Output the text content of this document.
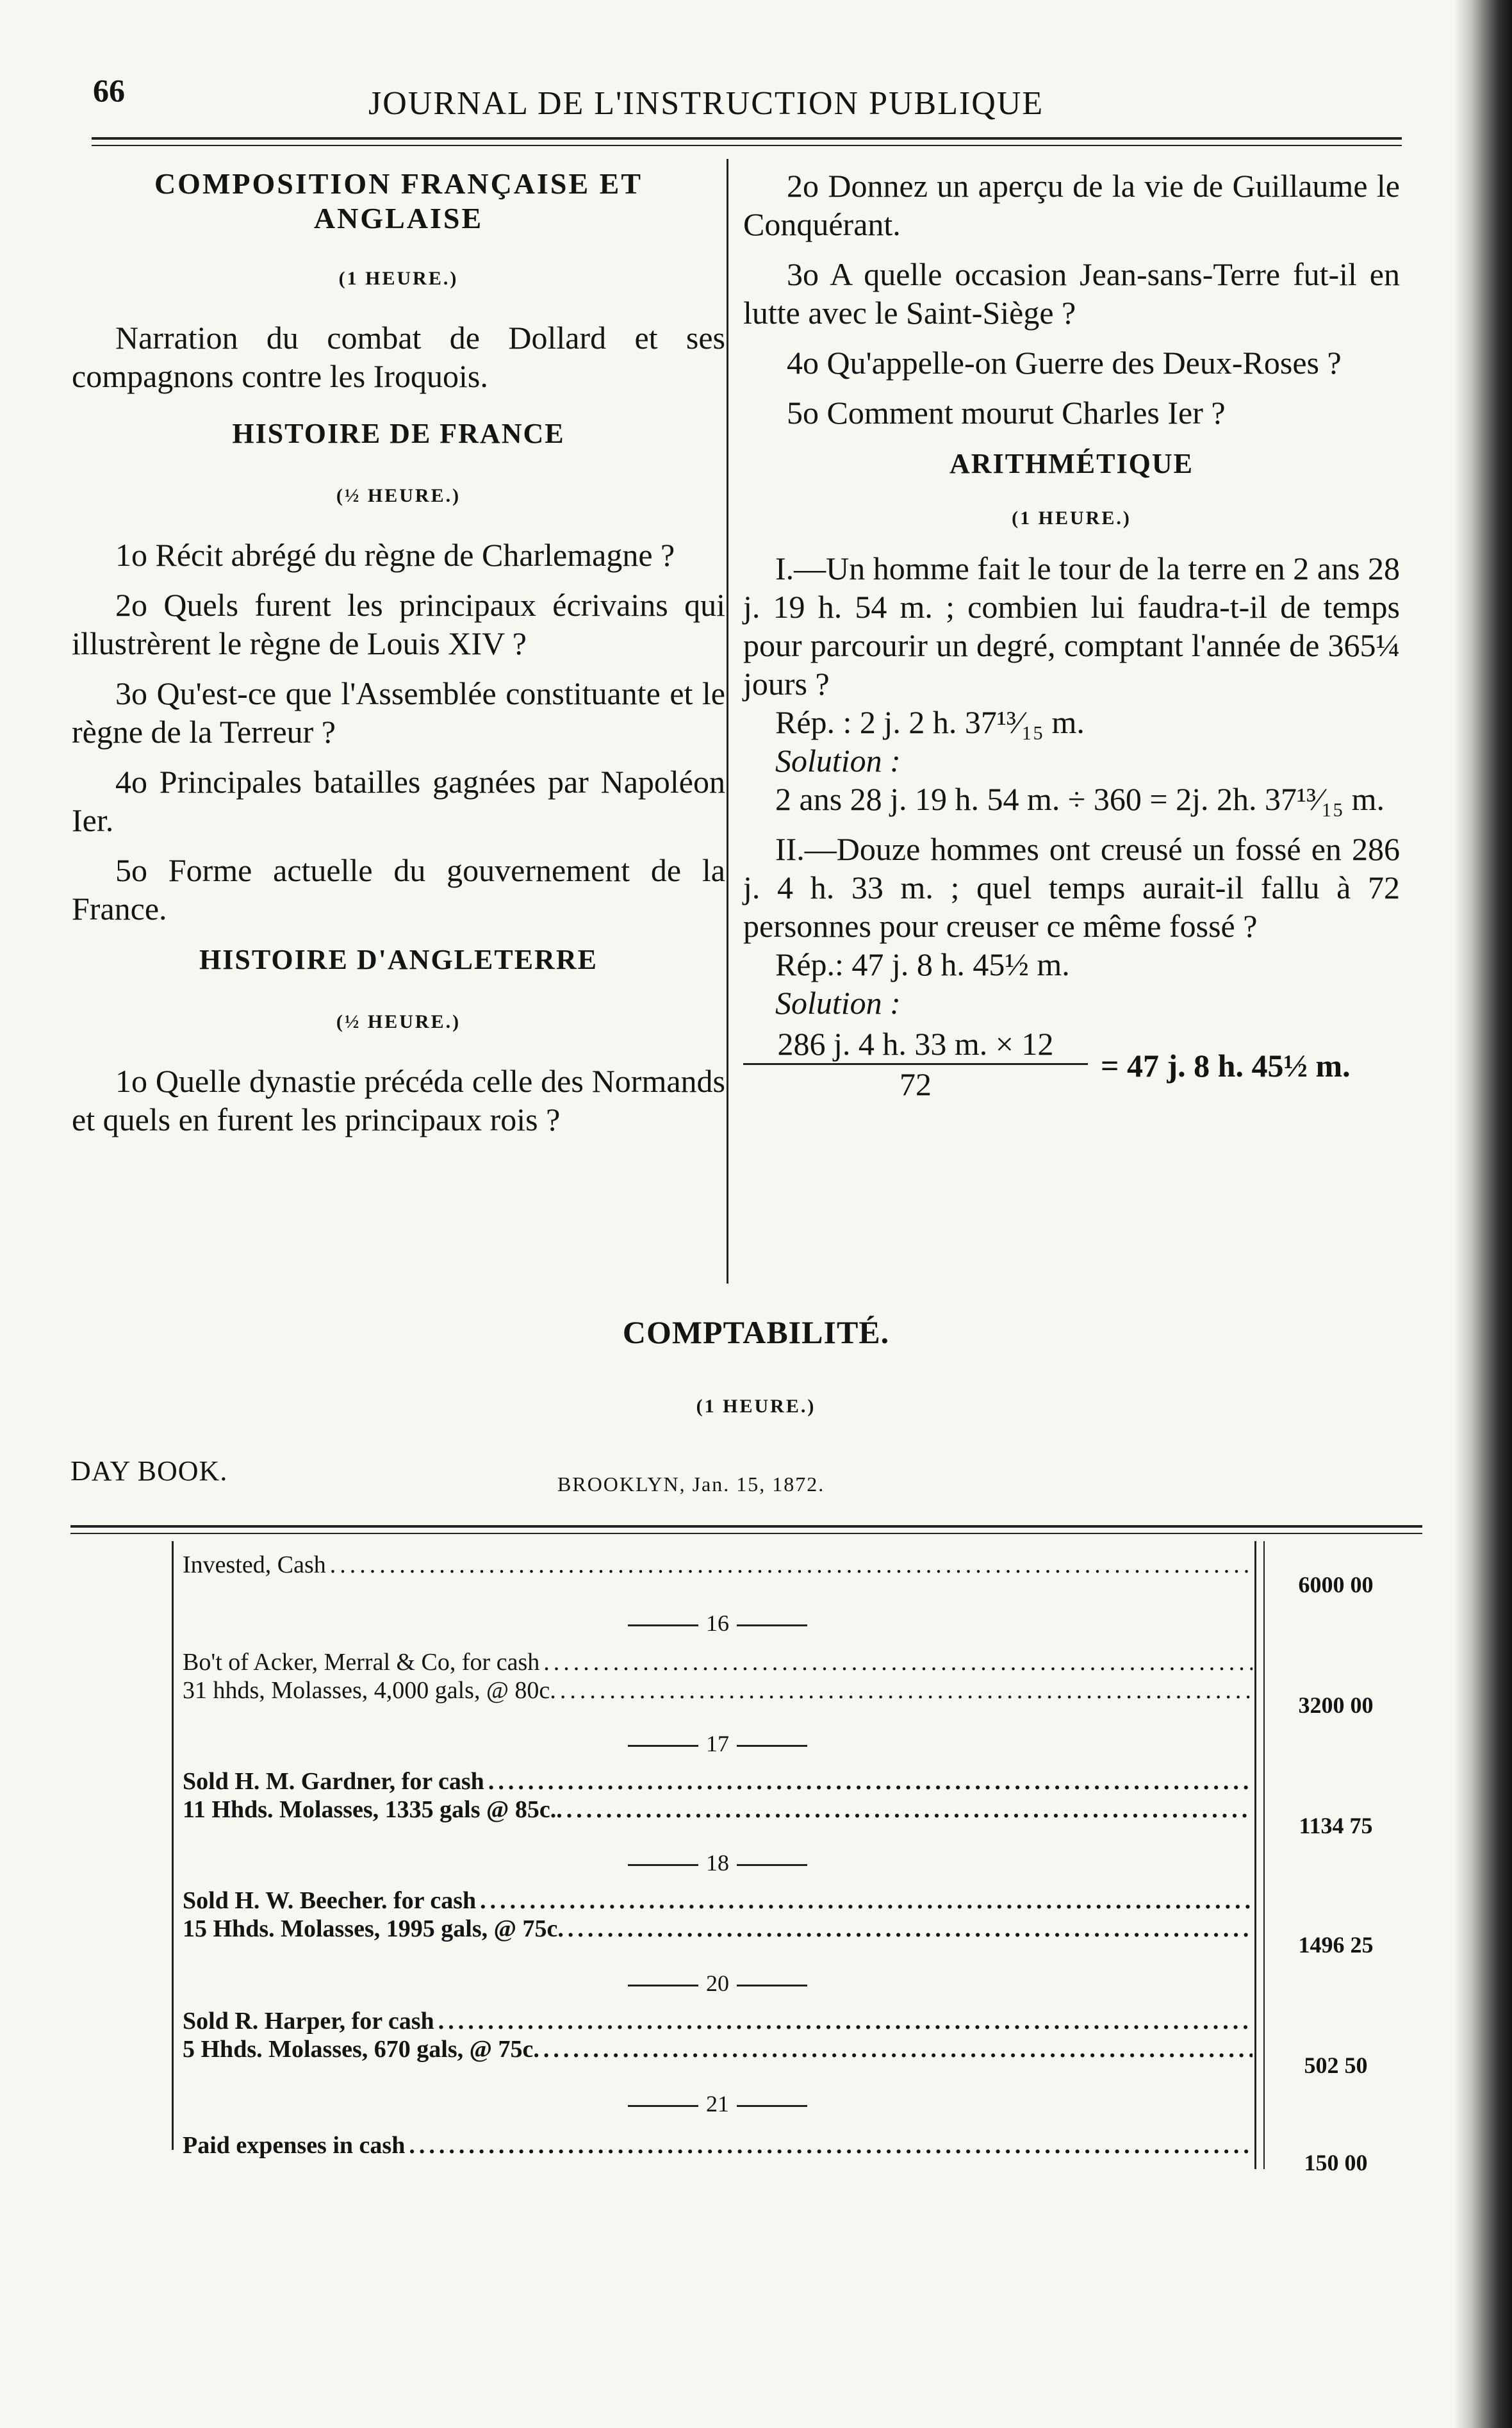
66	JOURNAL DE L'INSTRUCTION PUBLIQUE
COMPOSITION FRANÇAISE ET ANGLAISE
(1 HEURE.)

Narration du combat de Dollard et ses compagnons contre les Iroquois.

HISTOIRE DE FRANCE
(½ HEURE.)

1o Récit abrégé du règne de Charlemagne ?

2o Quels furent les principaux écrivains qui illustrèrent le règne de Louis XIV ?

3o Qu'est-ce que l'Assemblée constituante et le règne de la Terreur ?

4o Principales batailles gagnées par Napoléon Ier.

5o Forme actuelle du gouvernement de la France.

HISTOIRE D'ANGLETERRE
(½ HEURE.)

1o Quelle dynastie précéda celle des Normands et quels en furent les principaux rois ?

2o Donnez un aperçu de la vie de Guillaume le Conquérant.

3o A quelle occasion Jean-sans-Terre fut-il en lutte avec le Saint-Siège ?

4o Qu'appelle-on Guerre des Deux-Roses ?

5o Comment mourut Charles Ier ?

ARITHMÉTIQUE
(1 HEURE.)

I.—Un homme fait le tour de la terre en 2 ans 28 j. 19 h. 54 m. ; combien lui faudra-t-il de temps pour parcourir un degré, comptant l'année de 365¼ jours ?

Rép. : 2 j. 2 h. 37¹³⁄₁₅ m.

Solution :

2 ans 28 j. 19 h. 54 m. ÷ 360 = 2j. 2h. 37¹³⁄₁₅ m.

II.—Douze hommes ont creusé un fossé en 286 j. 4 h. 33 m. ; quel temps aurait-il fallu à 72 personnes pour creuser ce même fossé ?

Rép.: 47 j. 8 h. 45½ m.

Solution :

$\frac{286 j. 4 h. 33 m. \times 12}{72} = 47$ j. 8 h. 45½ m.
COMPTABILITÉ.
(1 HEURE.)
DAY BOOK.	BROOKLYN, Jan. 15, 1872.
Invested, Cash
.....
6000 00
16
Bo't of Acker, Merral & Co, for cash
.....
31 hhds, Molasses, 4,000 gals, @ 80c.
.....
3200 00
17
Sold H. M. Gardner, for cash
.....
11 Hhds. Molasses, 1335 gals @ 85c..
.....
1134 75
18
Sold H. W. Beecher. for cash
.....
15 Hhds. Molasses, 1995 gals, @ 75c.
.....
1496 25
20
Sold R. Harper, for cash
.....
5 Hhds. Molasses, 670 gals, @ 75c.
.....
502 50
21
Paid expenses in cash
.....
150 00
